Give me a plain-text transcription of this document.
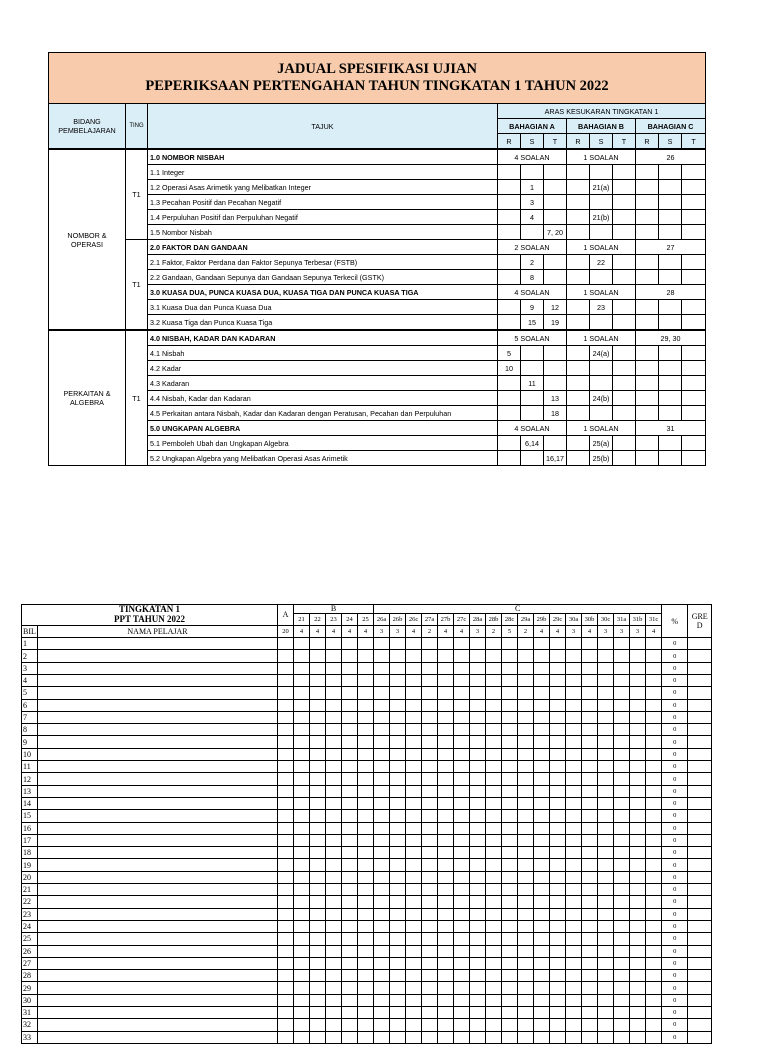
JADUAL SPESIFIKASI UJIAN
PEPERIKSAAN PERTENGAHAN TAHUN TINGKATAN 1 TAHUN 2022											

BIDANG PEMBELAJARAN	TING	TAJUK	ARAS KESUKARAN TINGKATAN 1								
			BAHAGIAN A			BAHAGIAN B			BAHAGIAN C		
			R	S	T	R	S	T	R	S	T
NOMBOR & OPERASI	T1	1.0 NOMBOR NISBAH	4 SOALAN			1 SOALAN			26		
		1.1 Integer									
		1.2 Operasi Asas Arimetik yang Melibatkan Integer		1			21(a)				
		1.3 Pecahan Positif dan Pecahan Negatif		3							
		1.4 Perpuluhan Positif dan Perpuluhan Negatif		4			21(b)				
		1.5 Nombor Nisbah			7, 20						
	T1	2.0 FAKTOR DAN GANDAAN	2 SOALAN			1 SOALAN			27		
		2.1 Faktor, Faktor Perdana dan Faktor Sepunya Terbesar (FSTB)		2			22				
		2.2 Gandaan, Gandaan Sepunya dan Gandaan Sepunya Terkecil (GSTK)		8							
		3.0 KUASA DUA, PUNCA KUASA DUA, KUASA TIGA DAN PUNCA KUASA TIGA	4 SOALAN			1 SOALAN			28		
		3.1 Kuasa Dua dan Punca Kuasa Dua		9	12		23				
		3.2 Kuasa Tiga dan Punca Kuasa Tiga		15	19						
PERKAITAN & ALGEBRA	T1	4.0 NISBAH, KADAR DAN KADARAN	5 SOALAN			1 SOALAN			29, 30		
		4.1 Nisbah	5				24(a)				
		4.2 Kadar	10								
		4.3 Kadaran		11							
		4.4 Nisbah, Kadar dan Kadaran			13		24(b)				
		4.5 Perkaitan antara Nisbah, Kadar dan Kadaran dengan Peratusan, Pecahan dan Perpuluhan			18						
		5.0 UNGKAPAN ALGEBRA	4 SOALAN			1 SOALAN			31		
		5.1 Pemboleh Ubah dan Ungkapan Algebra		6,14			25(a)				
		5.2 Ungkapan Algebra yang Melibatkan Operasi Asas Arimetik			16,17		25(b)				
TINGKATAN 1		A	B					C																		%	GRE D
PPT TAHUN 2022			21	22	23	24	25	26a	26b	26c	27a	27b	27c	28a	28b	28c	29a	29b	29c	30a	30b	30c	31a	31b	31c		
BIL	NAMA PELAJAR	20	4	4	4	4	4	3	3	4	2	4	4	3	2	5	2	4	4	3	4	3	3	3	4		
1																										0	
2																										0	
3																										0	
4																										0	
5																										0	
6																										0	
7																										0	
8																										0	
9																										0	
10																										0	
11																										0	
12																										0	
13																										0	
14																										0	
15																										0	
16																										0	
17																										0	
18																										0	
19																										0	
20																										0	
21																										0	
22																										0	
23																										0	
24																										0	
25																										0	
26																										0	
27																										0	
28																										0	
29																										0	
30																										0	
31																										0	
32																										0	
33																										0	
